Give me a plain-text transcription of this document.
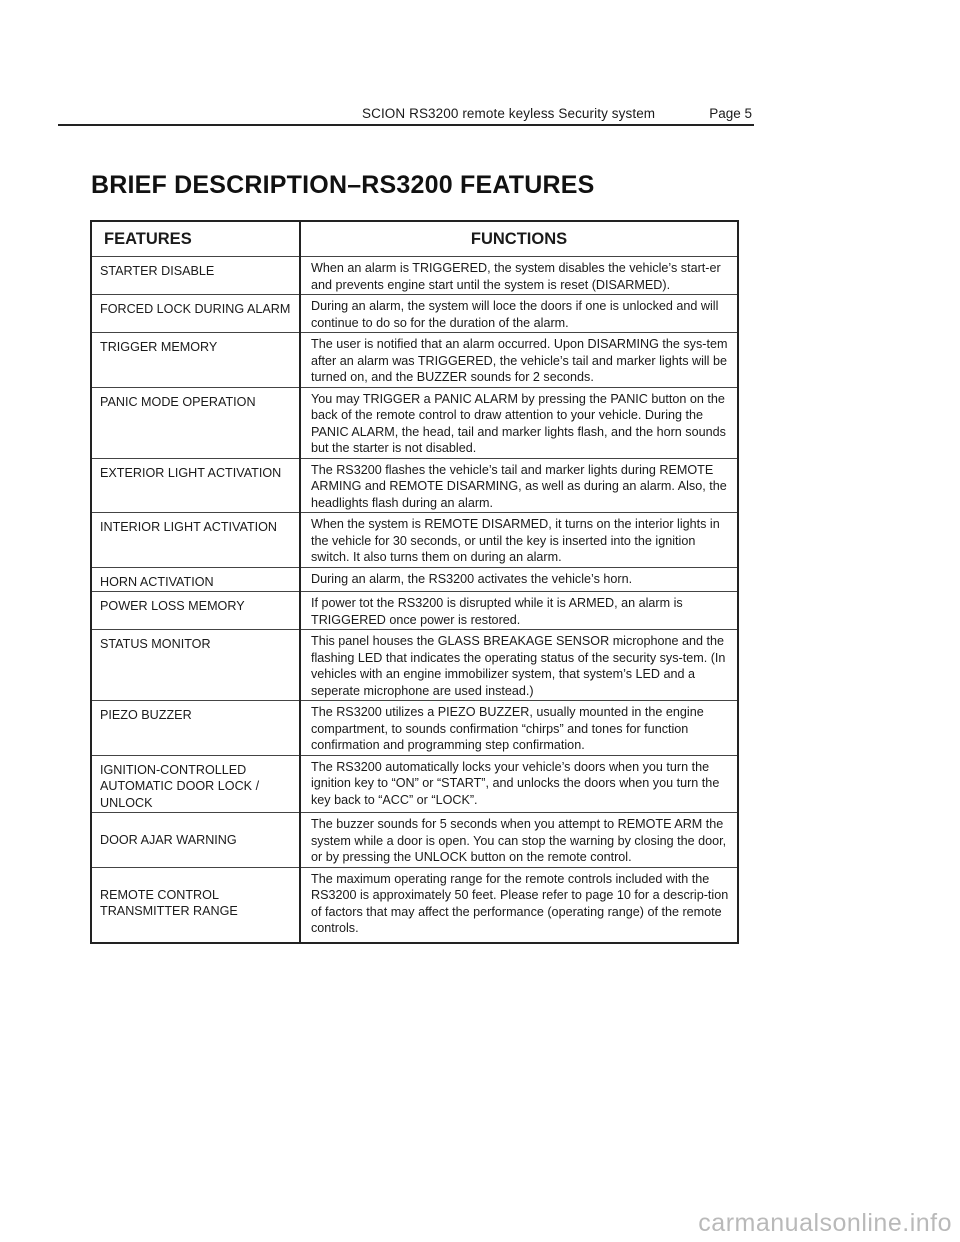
SCION RS3200 remote keyless Security system	Page 5
BRIEF DESCRIPTION–RS3200 FEATURES
FEATURES	FUNCTIONS
STARTER DISABLE	When an alarm is TRIGGERED, the system disables the vehicle’s start-er and prevents engine start until the system is reset (DISARMED).
FORCED LOCK DURING ALARM	During an alarm, the system will loce the doors if one is unlocked and will continue to do so for the duration of the alarm.
TRIGGER MEMORY	The user is notified that an alarm occurred. Upon DISARMING the sys-tem after an alarm was TRIGGERED, the vehicle’s tail and marker lights will be turned on, and the BUZZER sounds for 2 seconds.
PANIC MODE OPERATION	You may TRIGGER a PANIC ALARM by pressing the PANIC button on the back of the remote control to draw attention to your vehicle. During the PANIC ALARM, the head, tail and marker lights flash, and the horn sounds but the starter is not disabled.
EXTERIOR LIGHT ACTIVATION	The RS3200 flashes the vehicle’s tail and marker lights during REMOTE ARMING and REMOTE DISARMING, as well as during an alarm. Also, the headlights flash during an alarm.
INTERIOR LIGHT ACTIVATION	When the system is REMOTE DISARMED, it turns on the interior lights in the vehicle for 30 seconds, or until the key is inserted into the ignition switch. It also turns them on during an alarm.
HORN ACTIVATION	During an alarm, the RS3200 activates the vehicle’s horn.
POWER LOSS MEMORY	If power tot the RS3200 is disrupted while it is ARMED, an alarm is TRIGGERED once power is restored.
STATUS MONITOR	This panel houses the GLASS BREAKAGE SENSOR microphone and the flashing LED that indicates the operating status of the security sys-tem. (In vehicles with an engine immobilizer system, that system’s LED and a seperate microphone are used instead.)
PIEZO BUZZER	The RS3200 utilizes a PIEZO BUZZER, usually mounted in the engine compartment, to sounds confirmation “chirps” and tones for function confirmation and programming step confirmation.
IGNITION-CONTROLLED AUTOMATIC DOOR LOCK / UNLOCK	The RS3200 automatically locks your vehicle’s doors when you turn the ignition key to “ON” or “START”, and unlocks the doors when you turn the key back to “ACC” or “LOCK”.
DOOR AJAR WARNING	The buzzer sounds for 5 seconds when you attempt to REMOTE ARM the system while a door is open. You can stop the warning by closing the door, or by pressing the UNLOCK button on the remote control.
REMOTE CONTROL TRANSMITTER RANGE	The maximum operating range for the remote controls included with the RS3200 is approximately 50 feet. Please refer to page 10 for a descrip-tion of factors that may affect the performance (operating range) of the remote controls.
carmanualsonline.info
